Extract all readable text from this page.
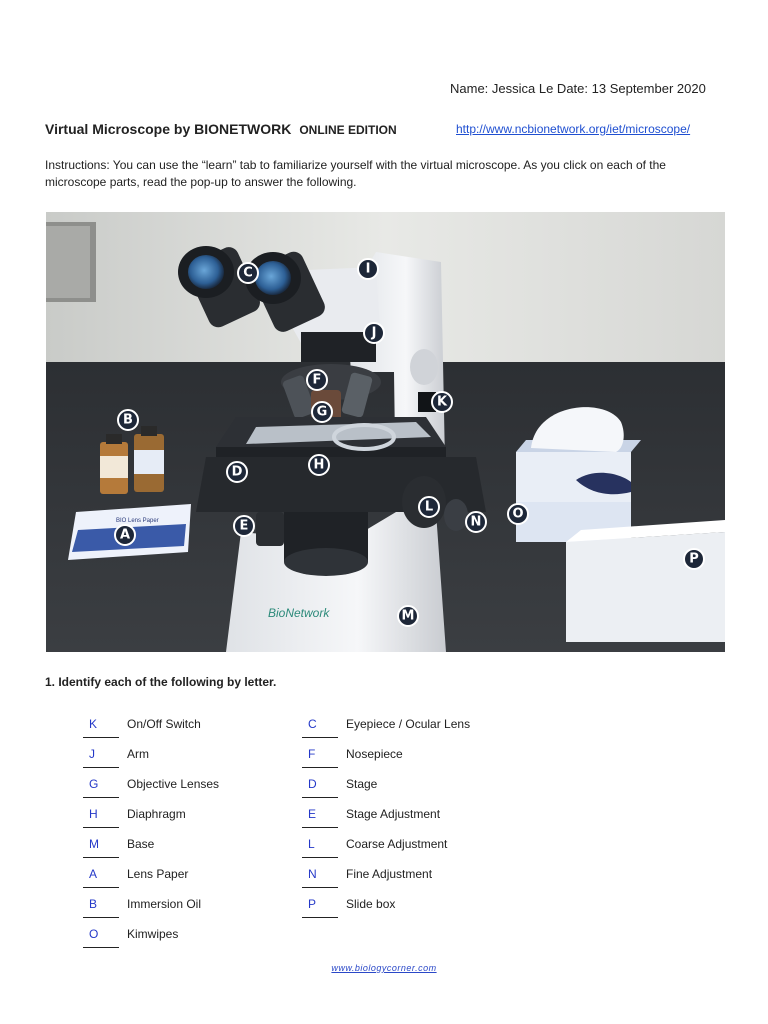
Name: Jessica Le Date: 13 September 2020
Virtual Microscope by BIONETWORK ONLINE EDITION	http://www.ncbionetwork.org/iet/microscope/
Instructions: You can use the “learn” tab to familiarize yourself with the virtual microscope. As you click on each of the microscope parts, read the pop-up to answer the following.
BIO Lens Paper
BioNetwork
A
B
C
D
E
F
G
H
I
J
K
L
M
N
O
P
1. Identify each of the following by letter.
K	On/Off Switch
J	Arm
G	Objective Lenses
H	Diaphragm
M	Base
A	Lens Paper
B	Immersion Oil
O	Kimwipes
C	Eyepiece / Ocular Lens
F	Nosepiece
D	Stage
E	Stage Adjustment
L	Coarse Adjustment
N	Fine Adjustment
P	Slide box
www.biologycorner.com
